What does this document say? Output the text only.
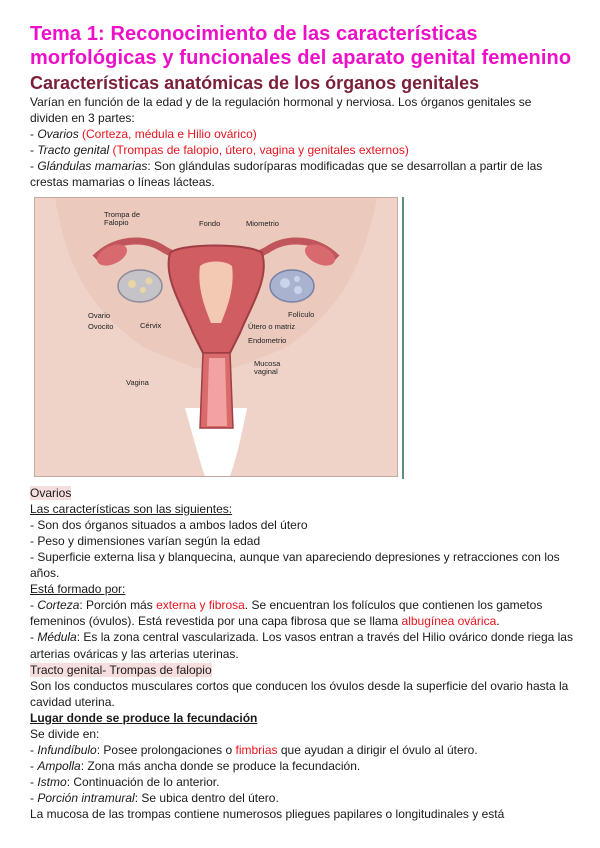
Tema 1: Reconocimiento de las características morfológicas y funcionales del aparato genital femenino
Características anatómicas de los órganos genitales

Varían en función de la edad y de la regulación hormonal y nerviosa. Los órganos genitales se
dividen en 3 partes:

- Ovarios (Corteza, médula e Hilio ovárico)

- Tracto genital (Trompas de falopio, útero, vagina y genitales externos)

- Glándulas mamarias: Son glándulas sudoríparas modificadas que se desarrollan a partir de las crestas mamarias o líneas lácteas.

Trompa de Falopio	Fondo	Miometrio
Folículo
Ovario
Ovocito	Cérvix	Útero o matriz
Endometrio
Mucosa vaginal
Vagina

Ovarios

Las características son las siguientes:

- Son dos órganos situados a ambos lados del útero

- Peso y dimensiones varían según la edad

- Superficie externa lisa y blanquecina, aunque van apareciendo depresiones y retracciones con los años.

Está formado por:

- Corteza: Porción más externa y fibrosa. Se encuentran los folículos que contienen los gametos femeninos (óvulos). Está revestida por una capa fibrosa que se llama albugínea ovárica.

- Médula: Es la zona central vascularizada. Los vasos entran a través del Hilio ovárico donde riega las arterias ováricas y las arterias uterinas.

Tracto genital- Trompas de falopio

Son los conductos musculares cortos que conducen los óvulos desde la superficie del ovario hasta la cavidad uterina.

Lugar donde se produce la fecundación

Se divide en:

- Infundíbulo: Posee prolongaciones o fimbrias que ayudan a dirigir el óvulo al útero.

- Ampolla: Zona más ancha donde se produce la fecundación.

- Istmo: Continuación de lo anterior.

- Porción intramural: Se ubica dentro del útero.

La mucosa de las trompas contiene numerosos pliegues papilares o longitudinales y está
